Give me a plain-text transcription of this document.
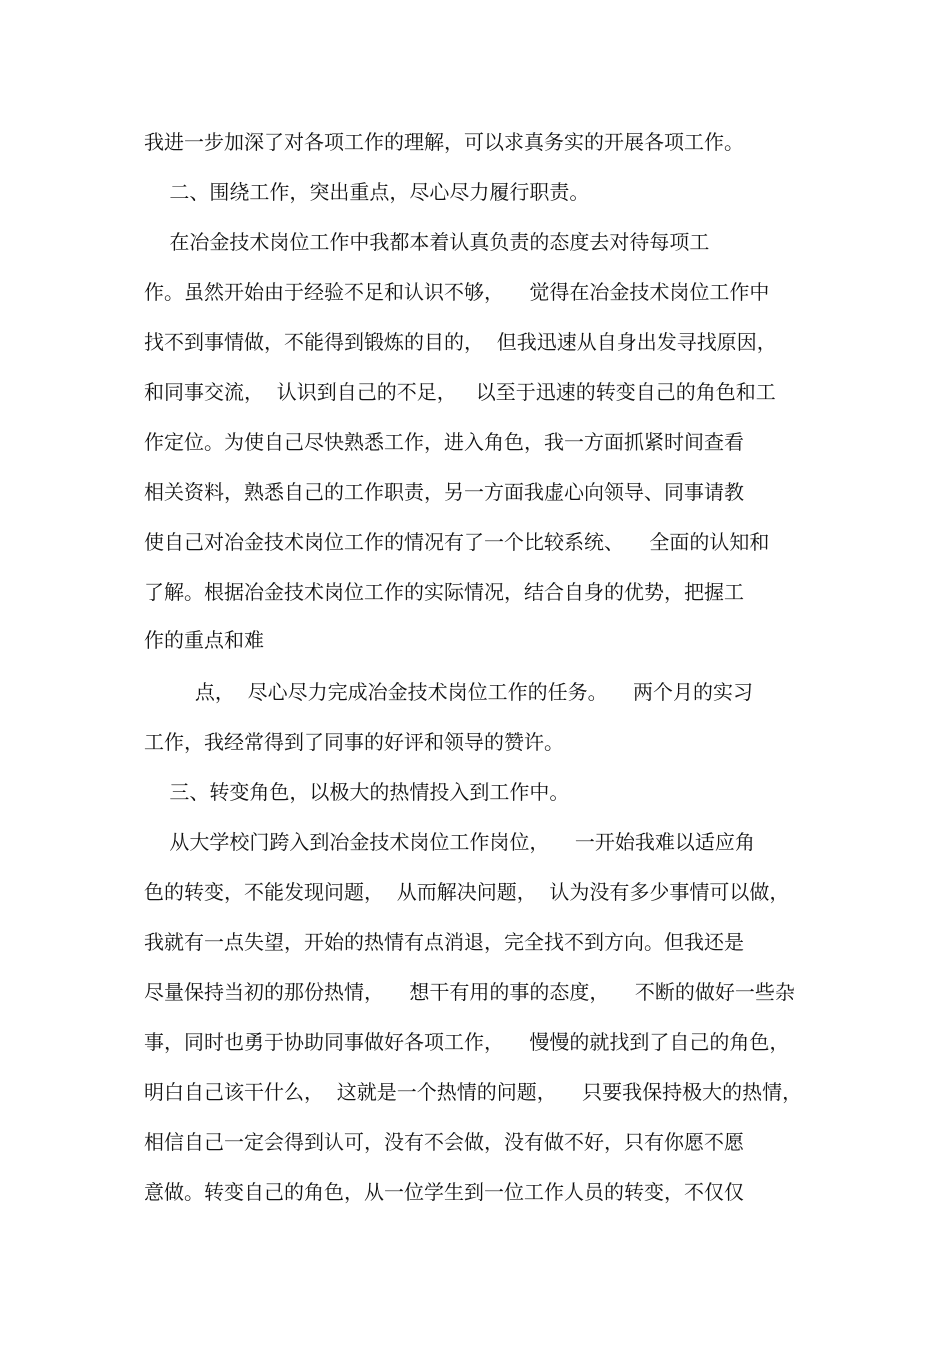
我进一步加深了对各项工作的理解，可以求真务实的开展各项工作。
二、围绕工作，突出重点，尽心尽力履行职责。
在冶金技术岗位工作中我都本着认真负责的态度去对待每项工
作。虽然开始由于经验不足和认识不够，    觉得在冶金技术岗位工作中
找不到事情做，不能得到锻炼的目的，  但我迅速从自身出发寻找原因，
和同事交流，  认识到自己的不足，   以至于迅速的转变自己的角色和工
作定位。为使自己尽快熟悉工作，进入角色，我一方面抓紧时间查看
相关资料，熟悉自己的工作职责，另一方面我虚心向领导、同事请教
使自己对冶金技术岗位工作的情况有了一个比较系统、    全面的认知和
了解。根据冶金技术岗位工作的实际情况，结合自身的优势，把握工
作的重点和难
点，  尽心尽力完成冶金技术岗位工作的任务。    两个月的实习
工作，我经常得到了同事的好评和领导的赞许。
三、转变角色，以极大的热情投入到工作中。
从大学校门跨入到冶金技术岗位工作岗位，    一开始我难以适应角
色的转变，不能发现问题，  从而解决问题，  认为没有多少事情可以做，
我就有一点失望，开始的热情有点消退，完全找不到方向。但我还是
尽量保持当初的那份热情，    想干有用的事的态度，    不断的做好一些杂
事，同时也勇于协助同事做好各项工作，    慢慢的就找到了自己的角色，
明白自己该干什么，  这就是一个热情的问题，    只要我保持极大的热情，
相信自己一定会得到认可，没有不会做，没有做不好，只有你愿不愿
意做。转变自己的角色，从一位学生到一位工作人员的转变，不仅仅
